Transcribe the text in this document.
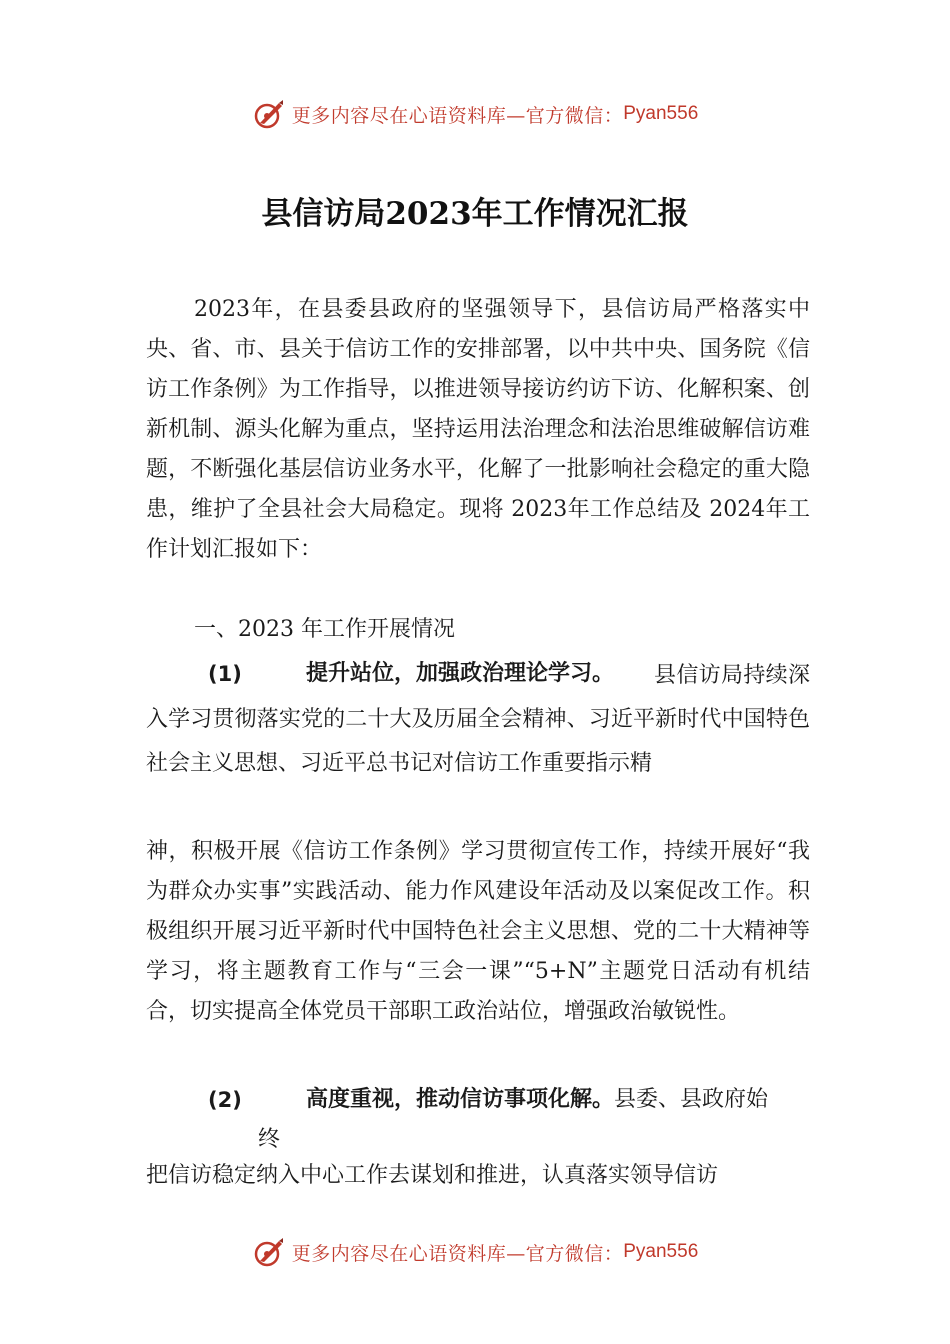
更多内容尽在心语资料库—官方微信： Pyan556
县信访局2023年工作情况汇报

2023年，在县委县政府的坚强领导下，县信访局严格落实中央、省、市、县关于信访工作的安排部署，以中共中央、国务院《信访工作条例》为工作指导，以推进领导接访约访下访、化解积案、创新机制、源头化解为重点，坚持运用法治理念和法治思维破解信访难题，不断强化基层信访业务水平，化解了一批影响社会稳定的重大隐患，维护了全县社会大局稳定。现将 2023年工作总结及 2024年工作计划汇报如下：

一、2023 年工作开展情况
(1)	提升站位，加强政治理论学习。	县信访局持续深入学习贯彻落实党的二十大及历届全会精神、习近平新时代中国特色社会主义思想、习近平总书记对信访工作重要指示精

神，积极开展《信访工作条例》学习贯彻宣传工作，持续开展好“我为群众办实事”实践活动、能力作风建设年活动及以案促改工作。积极组织开展习近平新时代中国特色社会主义思想、党的二十大精神等学习，将主题教育工作与“三会一课”“5+N”主题党日活动有机结合，切实提高全体党员干部职工政治站位，增强政治敏锐性。

(2)	高度重视，推动信访事项化解。县委、县政府始
终
把信访稳定纳入中心工作去谋划和推进，认真落实领导信访
更多内容尽在心语资料库—官方微信： Pyan556
